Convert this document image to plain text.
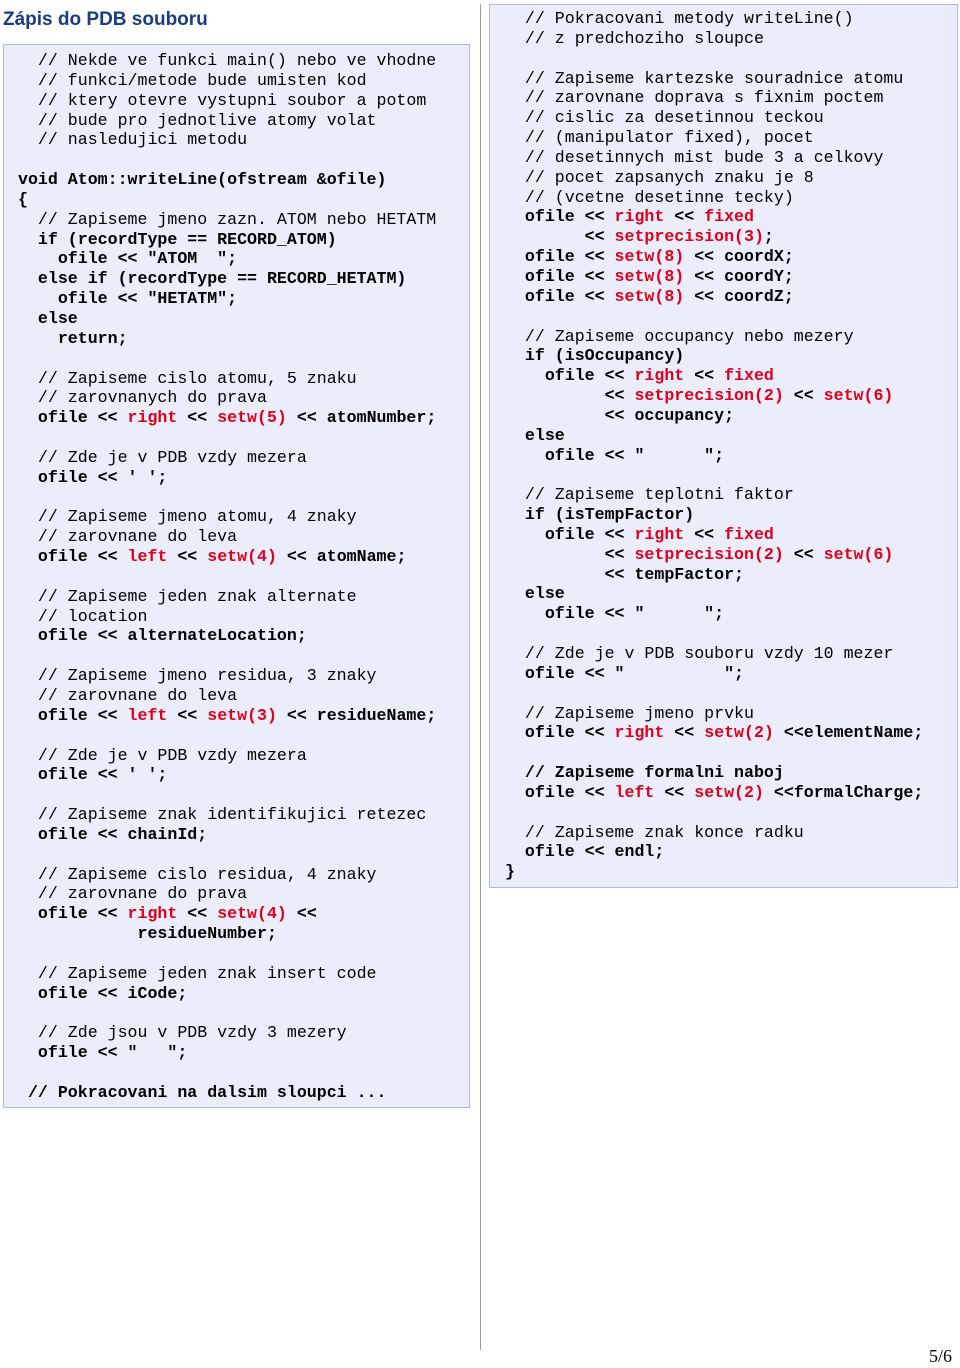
Zápis do PDB souboru
// Nekde ve funkci main() nebo ve vhodne
// funkci/metode bude umisten kod
// ktery otevre vystupni soubor a potom
// bude pro jednotlive atomy volat
// nasledujici metodu
void Atom::writeLine(ofstream &ofile)
{
// Zapiseme jmeno zazn. ATOM nebo HETATM
if (recordType == RECORD_ATOM)
ofile << "ATOM  ";
else if (recordType == RECORD_HETATM)
ofile << "HETATM";
else
return;
// Zapiseme cislo atomu, 5 znaku
// zarovnanych do prava
ofile << right << setw(5) << atomNumber;
// Zde je v PDB vzdy mezera
ofile << ' ';
// Zapiseme jmeno atomu, 4 znaky
// zarovnane do leva
ofile << left << setw(4) << atomName;
// Zapiseme jeden znak alternate
// location
ofile << alternateLocation;
// Zapiseme jmeno residua, 3 znaky
// zarovnane do leva
ofile << left << setw(3) << residueName;
// Zde je v PDB vzdy mezera
ofile << ' ';
// Zapiseme znak identifikujici retezec
ofile << chainId;
// Zapiseme cislo residua, 4 znaky
// zarovnane do prava
ofile << right << setw(4) <<
residueNumber;
// Zapiseme jeden znak insert code
ofile << iCode;
// Zde jsou v PDB vzdy 3 mezery
ofile << "   ";
// Pokracovani na dalsim sloupci ...
// Pokracovani metody writeLine()
// z predchoziho sloupce
// Zapiseme kartezske souradnice atomu
// zarovnane doprava s fixnim poctem
// cislic za desetinnou teckou
// (manipulator fixed), pocet
// desetinnych mist bude 3 a celkovy
// pocet zapsanych znaku je 8
// (vcetne desetinne tecky)
ofile << right << fixed
<< setprecision(3);
ofile << setw(8) << coordX;
ofile << setw(8) << coordY;
ofile << setw(8) << coordZ;
// Zapiseme occupancy nebo mezery
if (isOccupancy)
ofile << right << fixed
<< setprecision(2) << setw(6)
<< occupancy;
else
ofile << "      ";
// Zapiseme teplotni faktor
if (isTempFactor)
ofile << right << fixed
<< setprecision(2) << setw(6)
<< tempFactor;
else
ofile << "      ";
// Zde je v PDB souboru vzdy 10 mezer
ofile << "          ";
// Zapiseme jmeno prvku
ofile << right << setw(2) <<elementName;
// Zapiseme formalni naboj
ofile << left << setw(2) <<formalCharge;
// Zapiseme znak konce radku
ofile << endl;
}
5/6
